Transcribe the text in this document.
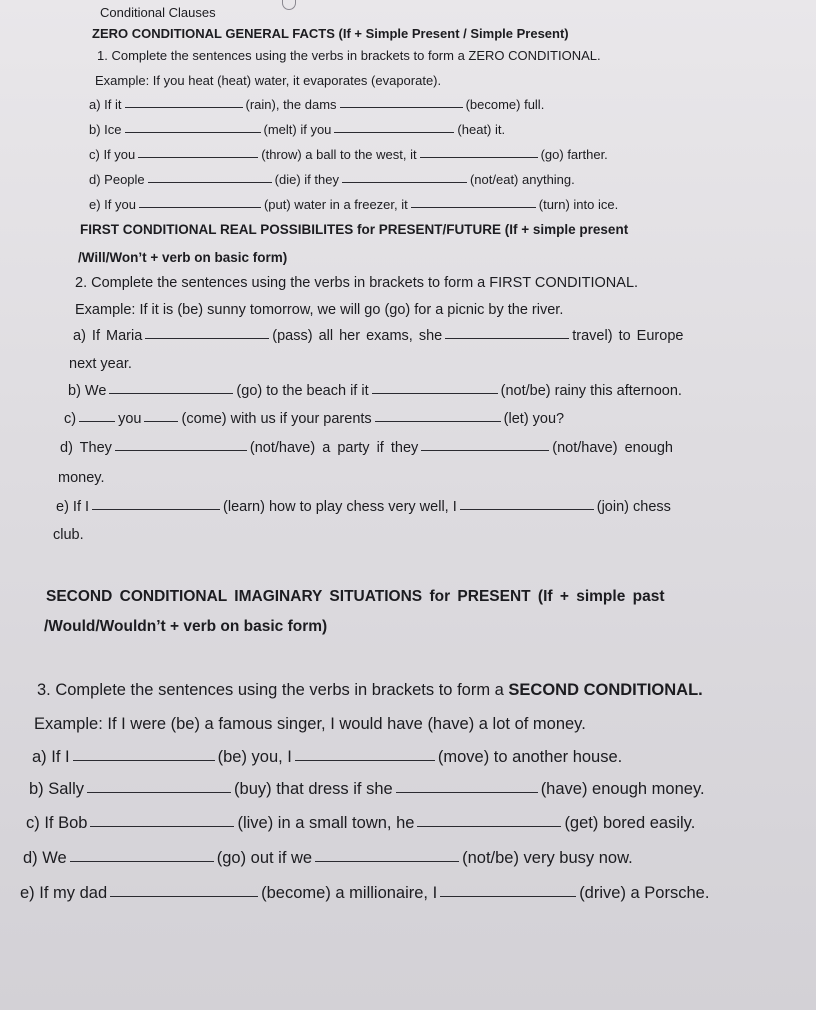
Conditional Clauses
ZERO CONDITIONAL GENERAL FACTS (If + Simple Present / Simple Present)
1. Complete the sentences using the verbs in brackets to form a ZERO CONDITIONAL.
Example: If you heat (heat) water, it evaporates (evaporate).
a) If it	(rain), the dams	(become) full.
b) Ice	(melt) if you	(heat) it.
c) If you	(throw) a ball to the west, it	(go) farther.
d) People	(die) if they	(not/eat) anything.
e) If you	(put) water in a freezer, it	(turn) into ice.
FIRST CONDITIONAL REAL POSSIBILITES for PRESENT/FUTURE (If + simple present
/Will/Won’t + verb on basic form)
2. Complete the sentences using the verbs in brackets to form a FIRST CONDITIONAL.
Example: If it is (be) sunny tomorrow, we will go (go) for a picnic by the river.
a) If Maria	(pass) all her exams, she	travel) to Europe
next year.
b) We	(go) to the beach if it	(not/be) rainy this afternoon.
c)	you	(come) with us if your parents	(let) you?
d) They	(not/have) a party if they	(not/have) enough
money.
e) If I	(learn) how to play chess very well, I	(join) chess
club.
SECOND CONDITIONAL IMAGINARY SITUATIONS for PRESENT (If + simple past
/Would/Wouldn’t + verb on basic form)
3. Complete the sentences using the verbs in brackets to form a SECOND CONDITIONAL.
Example: If I were (be) a famous singer, I would have (have) a lot of money.
a) If I	(be) you, I	(move) to another house.
b) Sally	(buy) that dress if she	(have) enough money.
c) If Bob	(live) in a small town, he	(get) bored easily.
d) We	(go) out if we	(not/be) very busy now.
e) If my dad	(become) a millionaire, I	(drive) a Porsche.
